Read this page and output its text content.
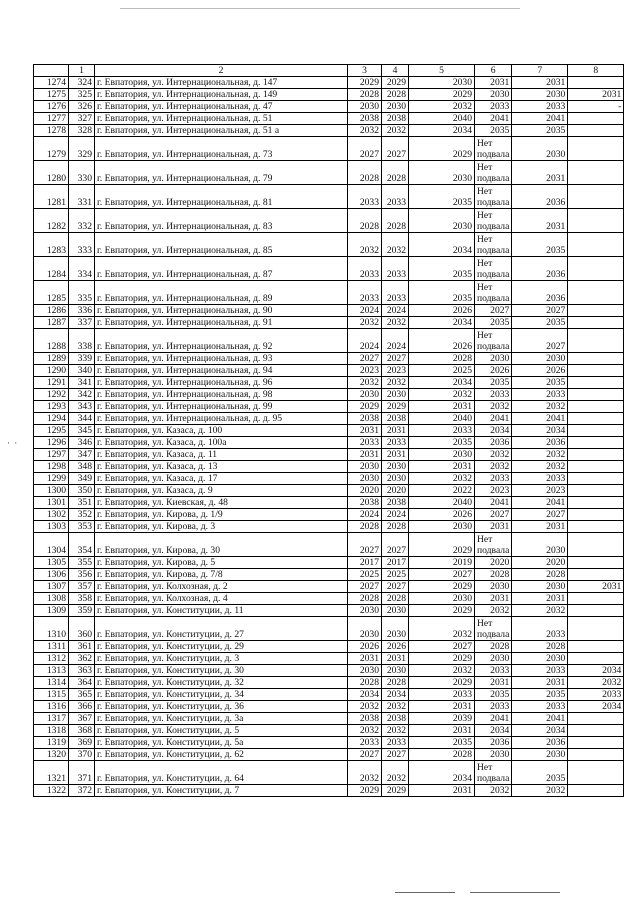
· ·
	1	2	3	4	5	6	7	8
1274	324	г. Евпатория, ул. Интернациональная, д. 147	2029	2029	2030	2031	2031	
1275	325	г. Евпатория, ул. Интернациональная, д. 149	2028	2028	2029	2030	2030	2031
1276	326	г. Евпатория, ул. Интернациональная, д. 47	2030	2030	2032	2033	2033	-
1277	327	г. Евпатория, ул. Интернациональная, д. 51	2038	2038	2040	2041	2041	
1278	328	г. Евпатория, ул. Интернациональная, д. 51 а	2032	2032	2034	2035	2035	
1279	329	г. Евпатория, ул. Интернациональная, д. 73	2027	2027	2029	Нет подвала	2030	
1280	330	г. Евпатория, ул. Интернациональная, д. 79	2028	2028	2030	Нет подвала	2031	
1281	331	г. Евпатория, ул. Интернациональная, д. 81	2033	2033	2035	Нет подвала	2036	
1282	332	г. Евпатория, ул. Интернациональная, д. 83	2028	2028	2030	Нет подвала	2031	
1283	333	г. Евпатория, ул. Интернациональная, д. 85	2032	2032	2034	Нет подвала	2035	
1284	334	г. Евпатория, ул. Интернациональная, д. 87	2033	2033	2035	Нет подвала	2036	
1285	335	г. Евпатория, ул. Интернациональная, д. 89	2033	2033	2035	Нет подвала	2036	
1286	336	г. Евпатория, ул. Интернациональная, д. 90	2024	2024	2026	2027	2027	
1287	337	г. Евпатория, ул. Интернациональная, д. 91	2032	2032	2034	2035	2035	
1288	338	г. Евпатория, ул. Интернациональная, д. 92	2024	2024	2026	Нет подвала	2027	
1289	339	г. Евпатория, ул. Интернациональная, д. 93	2027	2027	2028	2030	2030	
1290	340	г. Евпатория, ул. Интернациональная, д. 94	2023	2023	2025	2026	2026	
1291	341	г. Евпатория, ул. Интернациональная, д. 96	2032	2032	2034	2035	2035	
1292	342	г. Евпатория, ул. Интернациональная, д. 98	2030	2030	2032	2033	2033	
1293	343	г. Евпатория, ул. Интернациональная, д. 99	2029	2029	2031	2032	2032	
1294	344	г. Евпатория, ул. Интернациональная, д. д. 95	2038	2038	2040	2041	2041	
1295	345	г. Евпатория, ул. Казаса, д. 100	2031	2031	2033	2034	2034	
1296	346	г. Евпатория, ул. Казаса, д. 100а	2033	2033	2035	2036	2036	
1297	347	г. Евпатория, ул. Казаса, д. 11	2031	2031	2030	2032	2032	
1298	348	г. Евпатория, ул. Казаса, д. 13	2030	2030	2031	2032	2032	
1299	349	г. Евпатория, ул. Казаса, д. 17	2030	2030	2032	2033	2033	
1300	350	г. Евпатория, ул. Казаса, д. 9	2020	2020	2022	2023	2023	
1301	351	г. Евпатория, ул. Киевская, д. 48	2038	2038	2040	2041	2041	
1302	352	г. Евпатория, ул. Кирова, д. 1/9	2024	2024	2026	2027	2027	
1303	353	г. Евпатория, ул. Кирова, д. 3	2028	2028	2030	2031	2031	
1304	354	г. Евпатория, ул. Кирова, д. 30	2027	2027	2029	Нет подвала	2030	
1305	355	г. Евпатория, ул. Кирова, д. 5	2017	2017	2019	2020	2020	
1306	356	г. Евпатория, ул. Кирова, д. 7/8	2025	2025	2027	2028	2028	
1307	357	г. Евпатория, ул. Колхозная, д. 2	2027	2027	2029	2030	2030	2031
1308	358	г. Евпатория, ул. Колхозная, д. 4	2028	2028	2030	2031	2031	
1309	359	г. Евпатория, ул. Конституции, д. 11	2030	2030	2029	2032	2032	
1310	360	г. Евпатория, ул. Конституции, д. 27	2030	2030	2032	Нет подвала	2033	
1311	361	г. Евпатория, ул. Конституции, д. 29	2026	2026	2027	2028	2028	
1312	362	г. Евпатория, ул. Конституции, д. 3	2031	2031	2029	2030	2030	
1313	363	г. Евпатория, ул. Конституции, д. 30	2030	2030	2032	2033	2033	2034
1314	364	г. Евпатория, ул. Конституции, д. 32	2028	2028	2029	2031	2031	2032
1315	365	г. Евпатория, ул. Конституции, д. 34	2034	2034	2033	2035	2035	2033
1316	366	г. Евпатория, ул. Конституции, д. 36	2032	2032	2031	2033	2033	2034
1317	367	г. Евпатория, ул. Конституции, д. 3а	2038	2038	2039	2041	2041	
1318	368	г. Евпатория, ул. Конституции, д. 5	2032	2032	2031	2034	2034	
1319	369	г. Евпатория, ул. Конституции, д. 5а	2033	2033	2035	2036	2036	
1320	370	г. Евпатория, ул. Конституции, д. 62	2027	2027	2028	2030	2030	
1321	371	г. Евпатория, ул. Конституции, д. 64	2032	2032	2034	Нет подвала	2035	
1322	372	г. Евпатория, ул. Конституции, д. 7	2029	2029	2031	2032	2032	
